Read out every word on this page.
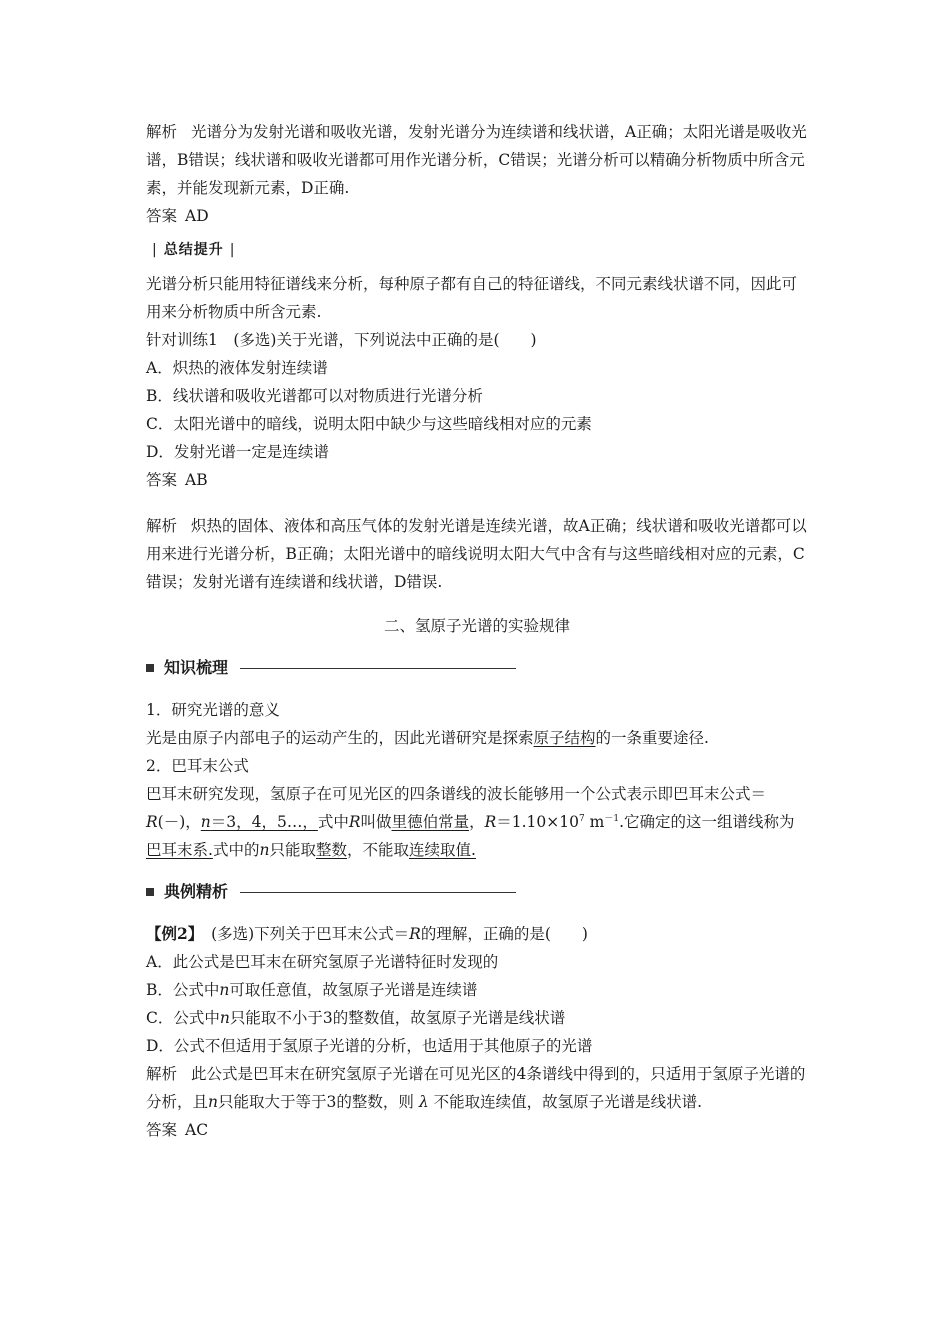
解析 光谱分为发射光谱和吸收光谱，发射光谱分为连续谱和线状谱，A正确；太阳光谱是吸收光谱，B错误；线状谱和吸收光谱都可用作光谱分析，C错误；光谱分析可以精确分析物质中所含元素，并能发现新元素，D正确.

答案 AD

| 总结提升 |

光谱分析只能用特征谱线来分析，每种原子都有自己的特征谱线，不同元素线状谱不同，因此可用来分析物质中所含元素.

针对训练1　(多选)关于光谱，下列说法中正确的是(　　)

A．炽热的液体发射连续谱

B．线状谱和吸收光谱都可以对物质进行光谱分析

C．太阳光谱中的暗线，说明太阳中缺少与这些暗线相对应的元素

D．发射光谱一定是连续谱

答案 AB

解析 炽热的固体、液体和高压气体的发射光谱是连续光谱，故A正确；线状谱和吸收光谱都可以用来进行光谱分析，B正确；太阳光谱中的暗线说明太阳大气中含有与这些暗线相对应的元素，C错误；发射光谱有连续谱和线状谱，D错误.

二、氢原子光谱的实验规律

知识梳理

1．研究光谱的意义

光是由原子内部电子的运动产生的，因此光谱研究是探索原子结构的一条重要途径.

2．巴耳末公式

巴耳末研究发现，氢原子在可见光区的四条谱线的波长能够用一个公式表示即巴耳末公式＝R(－)，n＝3，4，5…，式中R叫做里德伯常量，$R=1.10\times 10^7$ $m^{-1}$.它确定的这一组谱线称为巴耳末系.式中的n只能取整数，不能取连续取值.

典例精析

【例2】　 (多选)下列关于巴耳末公式＝R的理解，正确的是(　　)

A．此公式是巴耳末在研究氢原子光谱特征时发现的

B．公式中n可取任意值，故氢原子光谱是连续谱

C．公式中n只能取不小于3的整数值，故氢原子光谱是线状谱

D．公式不但适用于氢原子光谱的分析，也适用于其他原子的光谱

解析 此公式是巴耳末在研究氢原子光谱在可见光区的4条谱线中得到的，只适用于氢原子光谱的分析，且n只能取大于等于3的整数，则 λ 不能取连续值，故氢原子光谱是线状谱.

答案 AC
